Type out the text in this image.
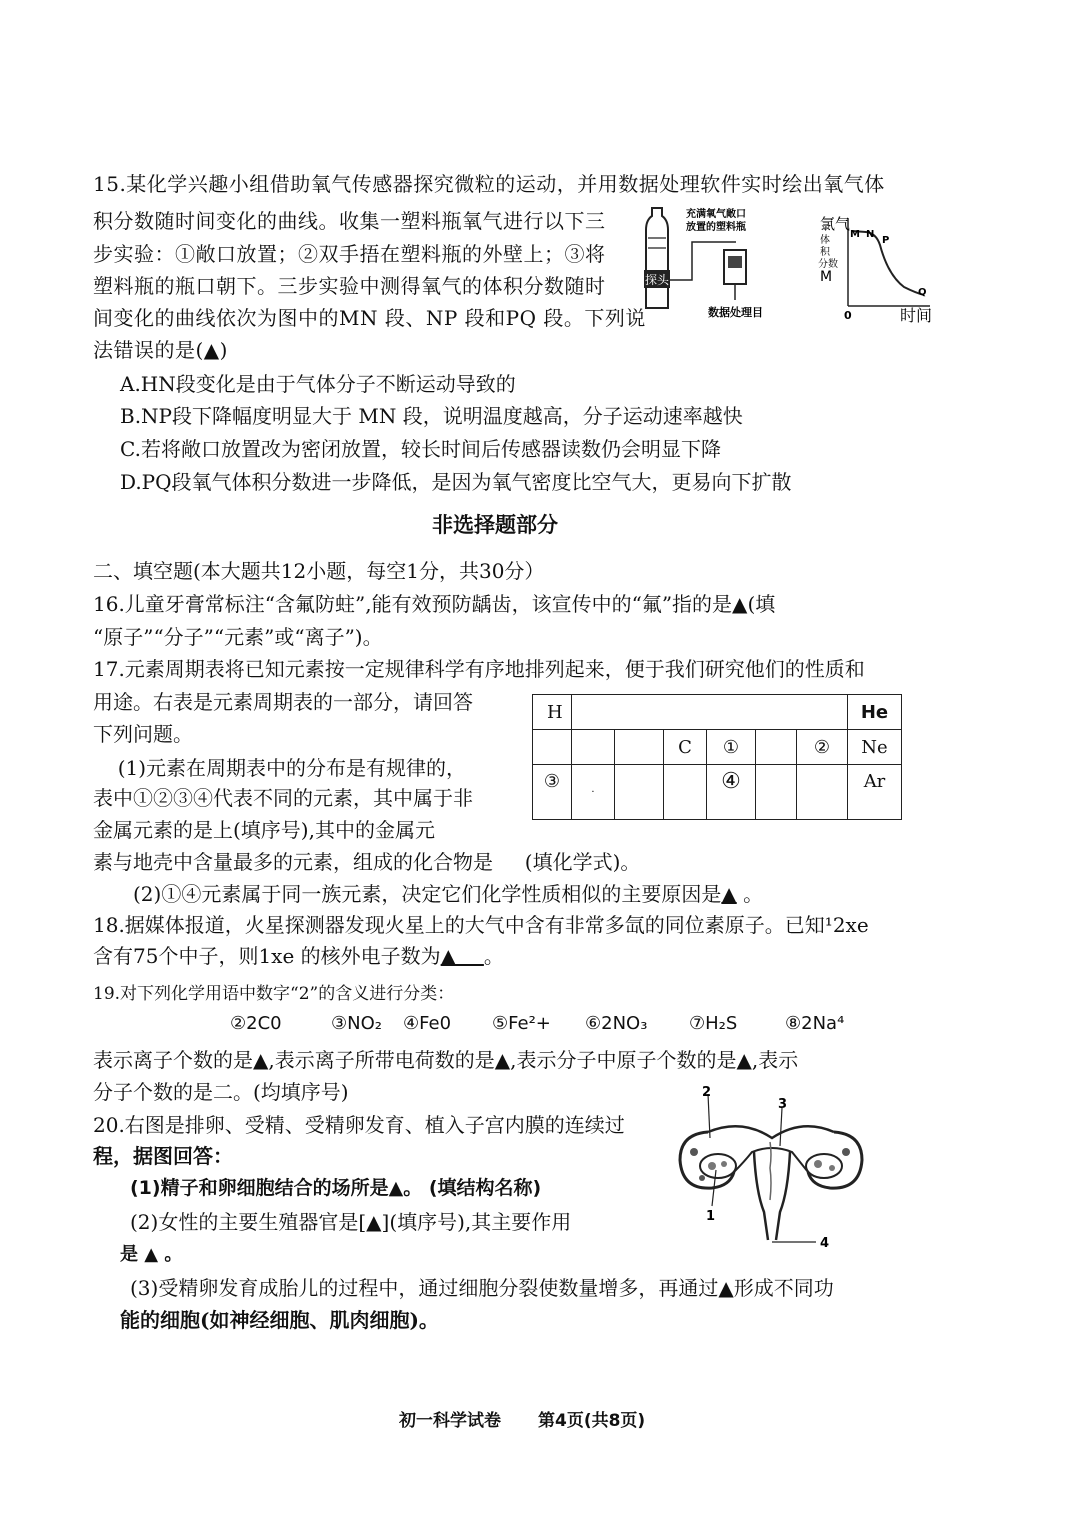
15.某化学兴趣小组借助氧气传感器探究微粒的运动，并用数据处理软件实时绘出氧气体
积分数随时间变化的曲线。收集一塑料瓶氧气进行以下三
步实验：①敞口放置；②双手捂在塑料瓶的外壁上；③将
塑料瓶的瓶口朝下。三步实验中测得氧气的体积分数随时
间变化的曲线依次为图中的MN 段、NP 段和PQ 段。下列说
法错误的是(▲)
探头
充满氧气敞口
放置的塑料瓶
数据处理目
氯气
体
积
分数
M
M N
P
Q
0	时间
A.HN段变化是由于气体分子不断运动导致的
B.NP段下降幅度明显大于 MN 段，说明温度越高，分子运动速率越快
C.若将敞口放置改为密闭放置，较长时间后传感器读数仍会明显下降
D.PQ段氧气体积分数进一步降低，是因为氧气密度比空气大，更易向下扩散
非选择题部分
二、填空题(本大题共12小题，每空1分，共30分）
16.儿童牙膏常标注“含氟防蛀”,能有效预防龋齿，该宣传中的“氟”指的是▲(填
“原子”“分子”“元素”或“离子”)。
17.元素周期表将已知元素按一定规律科学有序地排列起来，便于我们研究他们的性质和
用途。右表是元素周期表的一部分，请回答
下列问题。
(1)元素在周期表中的分布是有规律的，
表中①②③④代表不同的元素，其中属于非
金属元素的是上(填序号),其中的金属元
素与地壳中含量最多的元素，组成的化合物是     (填化学式)。
(2)①④元素属于同一族元素，决定它们化学性质相似的主要原因是▲ 。
H							He
			C	①		②	Ne
③	·			④			Ar
18.据媒体报道，火星探测器发现火星上的大气中含有非常多氙的同位素原子。已知¹2xe
含有75个中子，则1xe 的核外电子数为▲    。
19.对下列化学用语中数字“2”的含义进行分类：
②2C0	③NO₂ ④Fe0 ⑤Fe²+ ⑥2NO₃ ⑦H₂S	⑧2Na⁴
表示离子个数的是▲,表示离子所带电荷数的是▲,表示分子中原子个数的是▲,表示
分子个数的是二。(均填序号)
20.右图是排卵、受精、受精卵发育、植入子宫内膜的连续过
程，据图回答：
(1)精子和卵细胞结合的场所是▲。 (填结构名称)
(2)女性的主要生殖器官是[▲](填序号),其主要作用
是 ▲ 。
(3)受精卵发育成胎儿的过程中，通过细胞分裂使数量增多，再通过▲形成不同功
能的细胞(如神经细胞、肌肉细胞)。
2
3
1
4
初一科学试卷 第4页(共8页)
